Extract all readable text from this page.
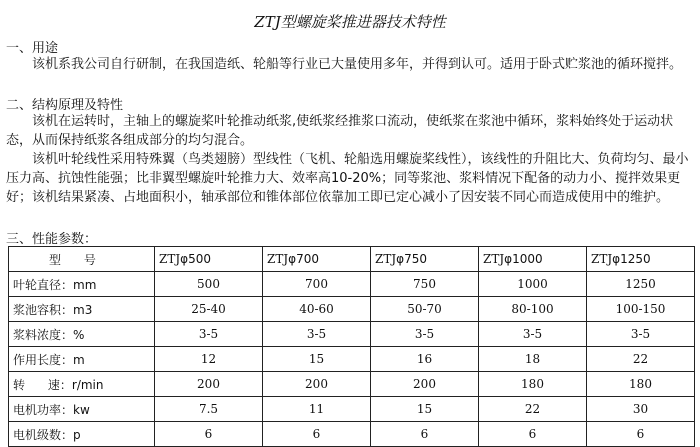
ZTJ型螺旋桨推进器技术特性
一、用途
该机系我公司自行研制，在我国造纸、轮船等行业已大量使用多年，并得到认可。适用于卧式贮浆池的循环搅拌。
二、结构原理及特性
该机在运转时，主轴上的螺旋桨叶轮推动纸浆,使纸浆经推浆口流动，使纸浆在浆池中循环，浆料始终处于运动状态，从而保持纸浆各组成部分的均匀混合。
该机叶轮线性采用特殊翼（鸟类翅膀）型线性（飞机、轮船选用螺旋桨线性），该线性的升阻比大、负荷均匀、最小压力高、抗蚀性能强；比非翼型螺旋叶轮推力大、效率高10-20%；同等浆池、浆料情况下配备的动力小、搅拌效果更好；该机结果紧凑、占地面积小，轴承部位和锥体部位依靠加工即已定心减小了因安装不同心而造成使用中的维护。
三、性能参数：
型      号	ZTJφ500	ZTJφ700	ZTJφ750	ZTJφ1000	ZTJφ1250
叶轮直径：mm	500	700	750	1000	1250
浆池容积：m3	25-40	40-60	50-70	80-100	100-150
浆料浓度：%	3-5	3-5	3-5	3-5	3-5
作用长度：m	12	15	16	18	22
转      速：r/min	200	200	200	180	180
电机功率：kw	7.5	11	15	22	30
电机级数：p	6	6	6	6	6
